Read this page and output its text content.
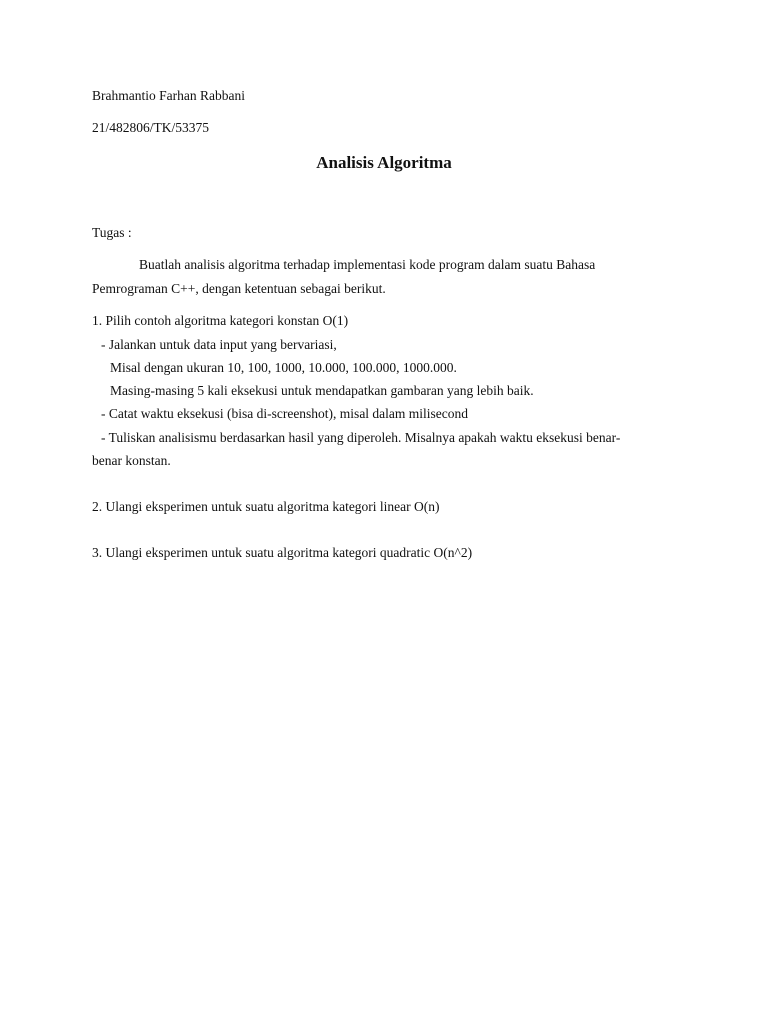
Brahmantio Farhan Rabbani
21/482806/TK/53375
Analisis Algoritma
Tugas :
Buatlah analisis algoritma terhadap implementasi kode program dalam suatu Bahasa
Pemrograman C++, dengan ketentuan sebagai berikut.
1. Pilih contoh algoritma kategori konstan O(1)
- Jalankan untuk data input yang bervariasi,
Misal dengan ukuran 10, 100, 1000, 10.000, 100.000, 1000.000.
Masing-masing 5 kali eksekusi untuk mendapatkan gambaran yang lebih baik.
- Catat waktu eksekusi (bisa di-screenshot), misal dalam milisecond
- Tuliskan analisismu berdasarkan hasil yang diperoleh. Misalnya apakah waktu eksekusi benar-
benar konstan.
2. Ulangi eksperimen untuk suatu algoritma kategori linear O(n)
3. Ulangi eksperimen untuk suatu algoritma kategori quadratic O(n^2)
